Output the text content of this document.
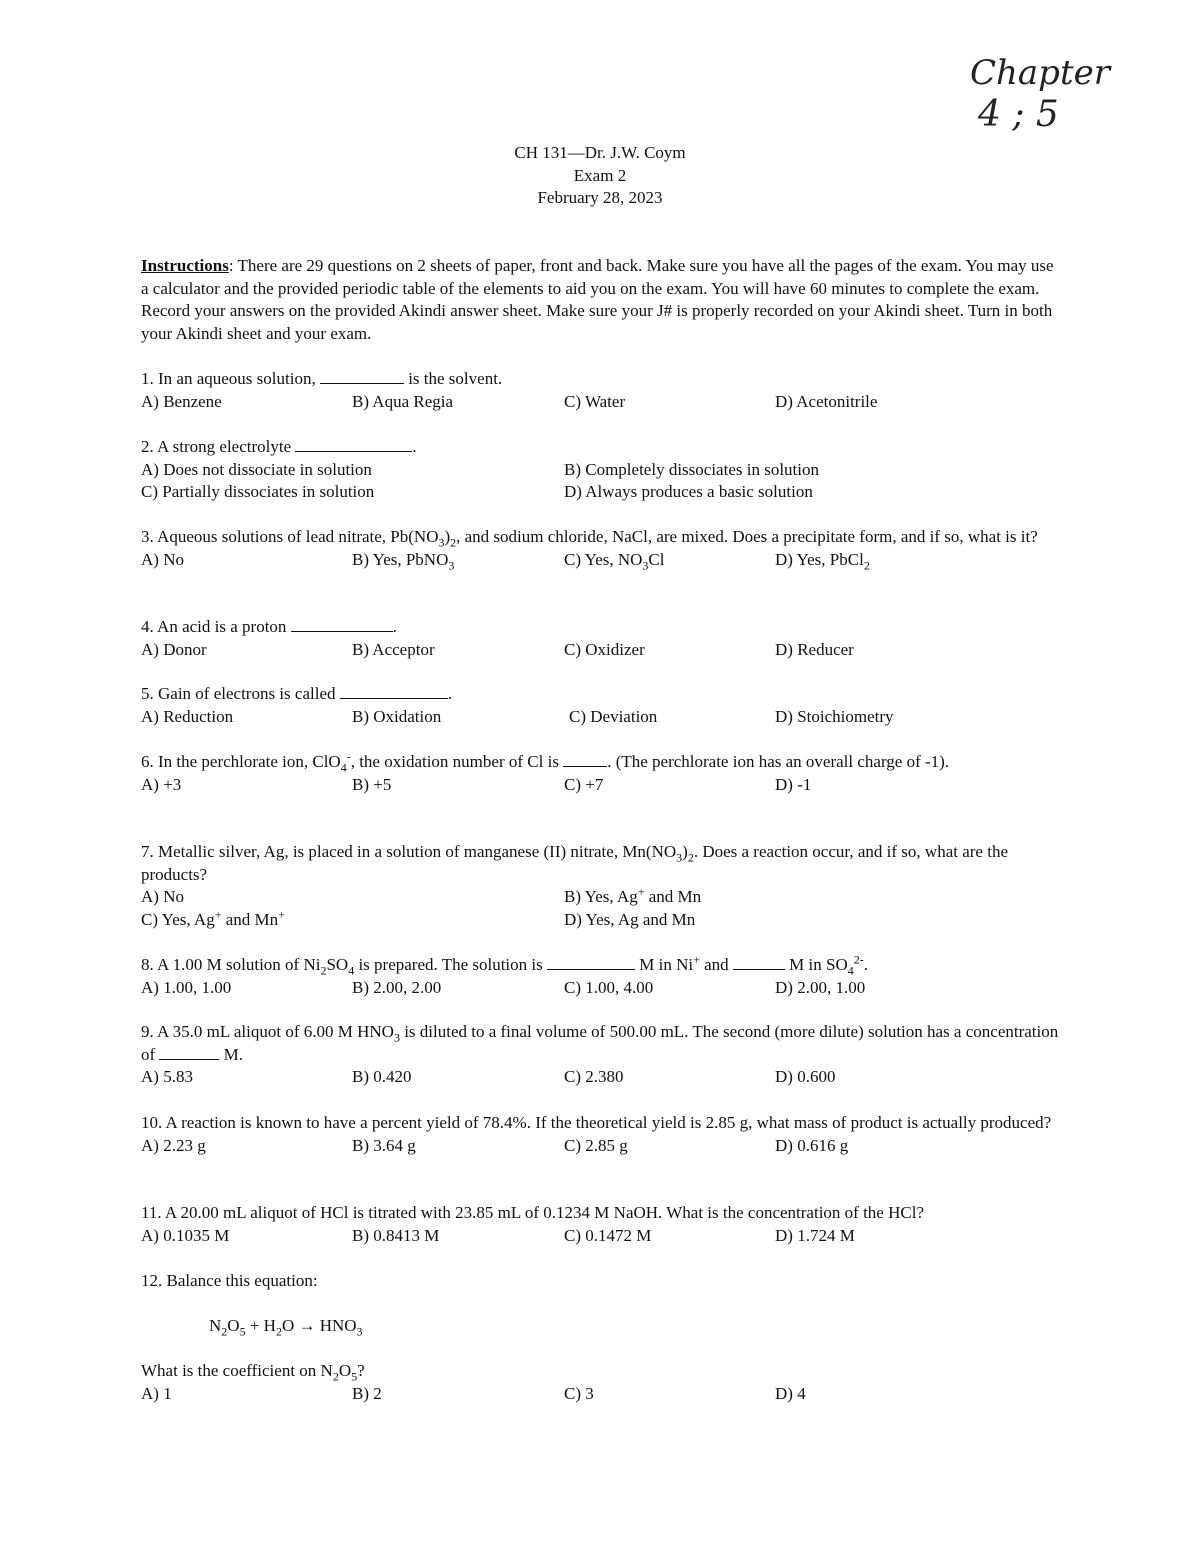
Chapter
4 ; 5
CH 131—Dr. J.W. Coym
Exam 2
February 28, 2023
Instructions: There are 29 questions on 2 sheets of paper, front and back. Make sure you have all the pages of the exam. You may use a calculator and the provided periodic table of the elements to aid you on the exam. You will have 60 minutes to complete the exam. Record your answers on the provided Akindi answer sheet. Make sure your J# is properly recorded on your Akindi sheet. Turn in both your Akindi sheet and your exam.
1. In an aqueous solution,	is the solvent.
A) Benzene	B) Aqua Regia	C) Water	D) Acetonitrile
2. A strong electrolyte	.
A) Does not dissociate in solution	B) Completely dissociates in solution
C) Partially dissociates in solution	D) Always produces a basic solution
3. Aqueous solutions of lead nitrate, $Pb(NO_3)_2$, and sodium chloride, NaCl, are mixed. Does a precipitate form, and if so, what is it?
A) No	B) Yes, PbNO$_3$	C) Yes, $NO_3Cl$	D) Yes, PbCl$_2$
4. An acid is a proton	.
A) Donor	B) Acceptor	C) Oxidizer	D) Reducer
5. Gain of electrons is called	.
A) Reduction	B) Oxidation	C) Deviation	D) Stoichiometry
6. In the perchlorate ion, ClO$_4$-, the oxidation number of Cl is	. (The perchlorate ion has an overall charge of -1).
A) +3	B) +5	C) +7	D) -1
7. Metallic silver, Ag, is placed in a solution of manganese (II) nitrate, $Mn(NO_3)_2$. Does a reaction occur, and if so, what are the products?
A) No	B) Yes, Ag+ and Mn
C) Yes, Ag+ and Mn+	D) Yes, Ag and Mn
8. A 1.00 M solution of $Ni_2SO_4$ is prepared. The solution is	M in Ni+ and	M in $SO_4^{2-}$.
A) 1.00, 1.00	B) 2.00, 2.00	C) 1.00, 4.00	D) 2.00, 1.00
9. A 35.0 mL aliquot of 6.00 M $HNO_3$ is diluted to a final volume of 500.00 mL. The second (more dilute) solution has a concentration of	M.
A) 5.83	B) 0.420	C) 2.380	D) 0.600
10. A reaction is known to have a percent yield of 78.4%. If the theoretical yield is 2.85 g, what mass of product is actually produced?
A) 2.23 g	B) 3.64 g	C) 2.85 g	D) 0.616 g
11. A 20.00 mL aliquot of HCl is titrated with 23.85 mL of 0.1234 M NaOH. What is the concentration of the HCl?
A) 0.1035 M	B) 0.8413 M	C) 0.1472 M	D) 1.724 M
12. Balance this equation:
$N_2O_5 + H_2O \to HNO_3$
What is the coefficient on $N_2O_5$?
A) 1	B) 2	C) 3	D) 4
